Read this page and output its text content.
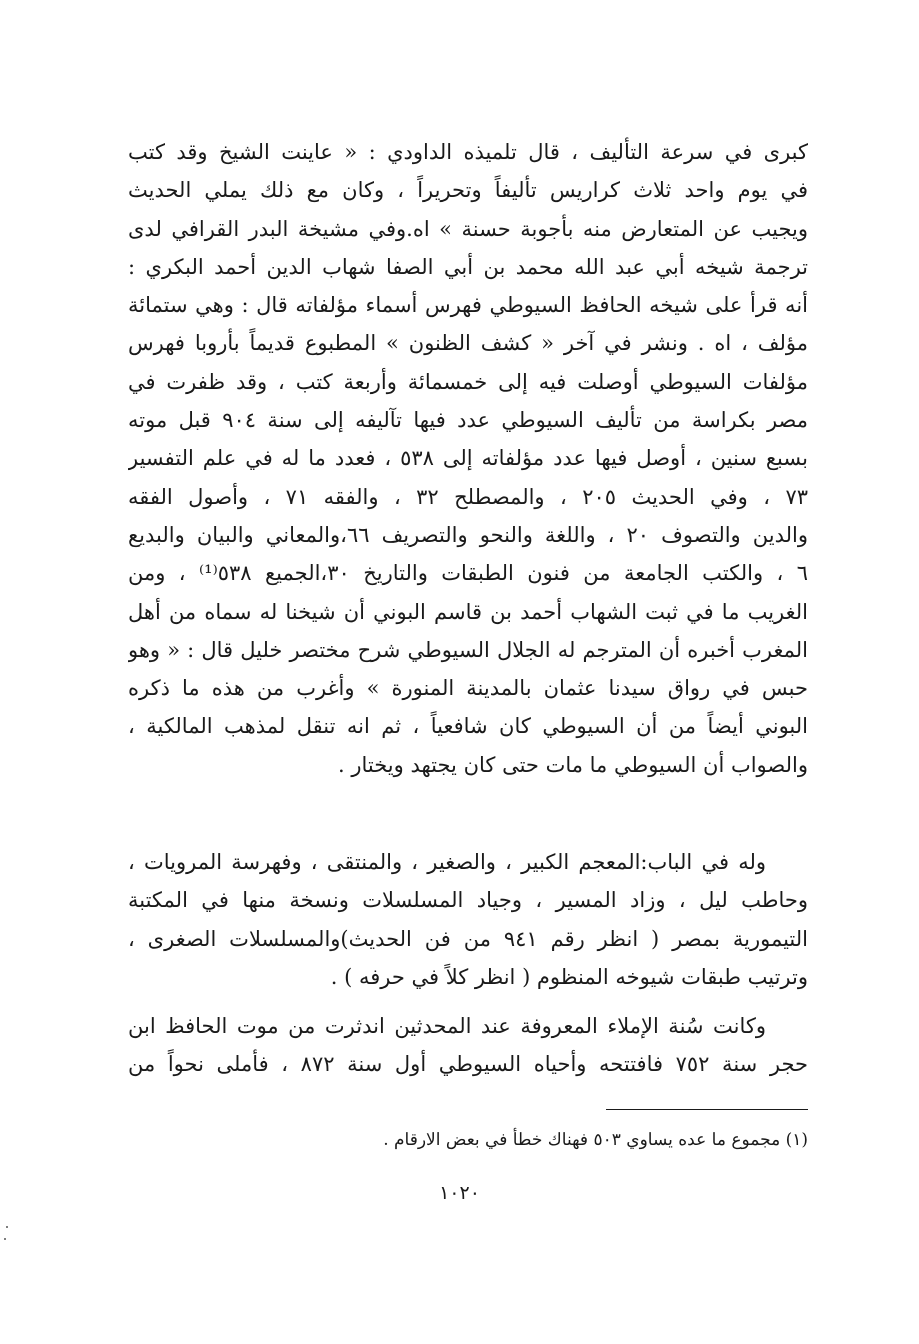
كبرى في سرعة التأليف ، قال تلميذه الداودي : « عاينت الشيخ وقد كتب
في يوم واحد ثلاث كراريس تأليفاً وتحريراً ، وكان مع ذلك يملي الحديث
ويجيب عن المتعارض منه بأجوبة حسنة » اه.وفي مشيخة البدر القرافي لدى
ترجمة شيخه أبي عبد الله محمد بن أبي الصفا شهاب الدين أحمد البكري :
أنه قرأ على شيخه الحافظ السيوطي فهرس أسماء مؤلفاته قال : وهي ستمائة
مؤلف ، اه . ونشر في آخر « كشف الظنون » المطبوع قديماً بأروبا فهرس
مؤلفات السيوطي أوصلت فيه إلى خمسمائة وأربعة كتب ، وقد ظفرت في
مصر بكراسة من تأليف السيوطي عدد فيها تآليفه إلى سنة ٩٠٤ قبل موته
بسبع سنين ، أوصل فيها عدد مؤلفاته إلى ٥٣٨ ، فعدد ما له في علم التفسير
٧٣ ، وفي الحديث ٢٠٥ ، والمصطلح ٣٢ ، والفقه ٧١ ، وأصول الفقه
والدين والتصوف ٢٠ ، واللغة والنحو والتصريف ٦٦،والمعاني والبيان والبديع
٦ ، والكتب الجامعة من فنون الطبقات والتاريخ ٣٠،الجميع ٥٣٨⁽¹⁾ ، ومن
الغريب ما في ثبت الشهاب أحمد بن قاسم البوني أن شيخنا له سماه من أهل
المغرب أخبره أن المترجم له الجلال السيوطي شرح مختصر خليل قال : « وهو
حبس في رواق سيدنا عثمان بالمدينة المنورة » وأغرب من هذه ما ذكره
البوني أيضاً من أن السيوطي كان شافعياً ، ثم انه تنقل لمذهب المالكية ،
والصواب أن السيوطي ما مات حتى كان يجتهد ويختار .
وله في الباب:المعجم الكبير ، والصغير ، والمنتقى ، وفهرسة المرويات ،
وحاطب ليل ، وزاد المسير ، وجياد المسلسلات ونسخة منها في المكتبة
التيمورية بمصر ( انظر رقم ٩٤١ من فن الحديث)والمسلسلات الصغرى ،
وترتيب طبقات شيوخه المنظوم ( انظر كلاً في حرفه ) .
وكانت سُنة الإملاء المعروفة عند المحدثين اندثرت من موت الحافظ ابن
حجر سنة ٧٥٢ فافتتحه وأحياه السيوطي أول سنة ٨٧٢ ، فأملى نحواً من
(١) مجموع ما عده يساوي ٥٠٣ فهناك خطأ في بعض الارقام .
١٠٢٠
